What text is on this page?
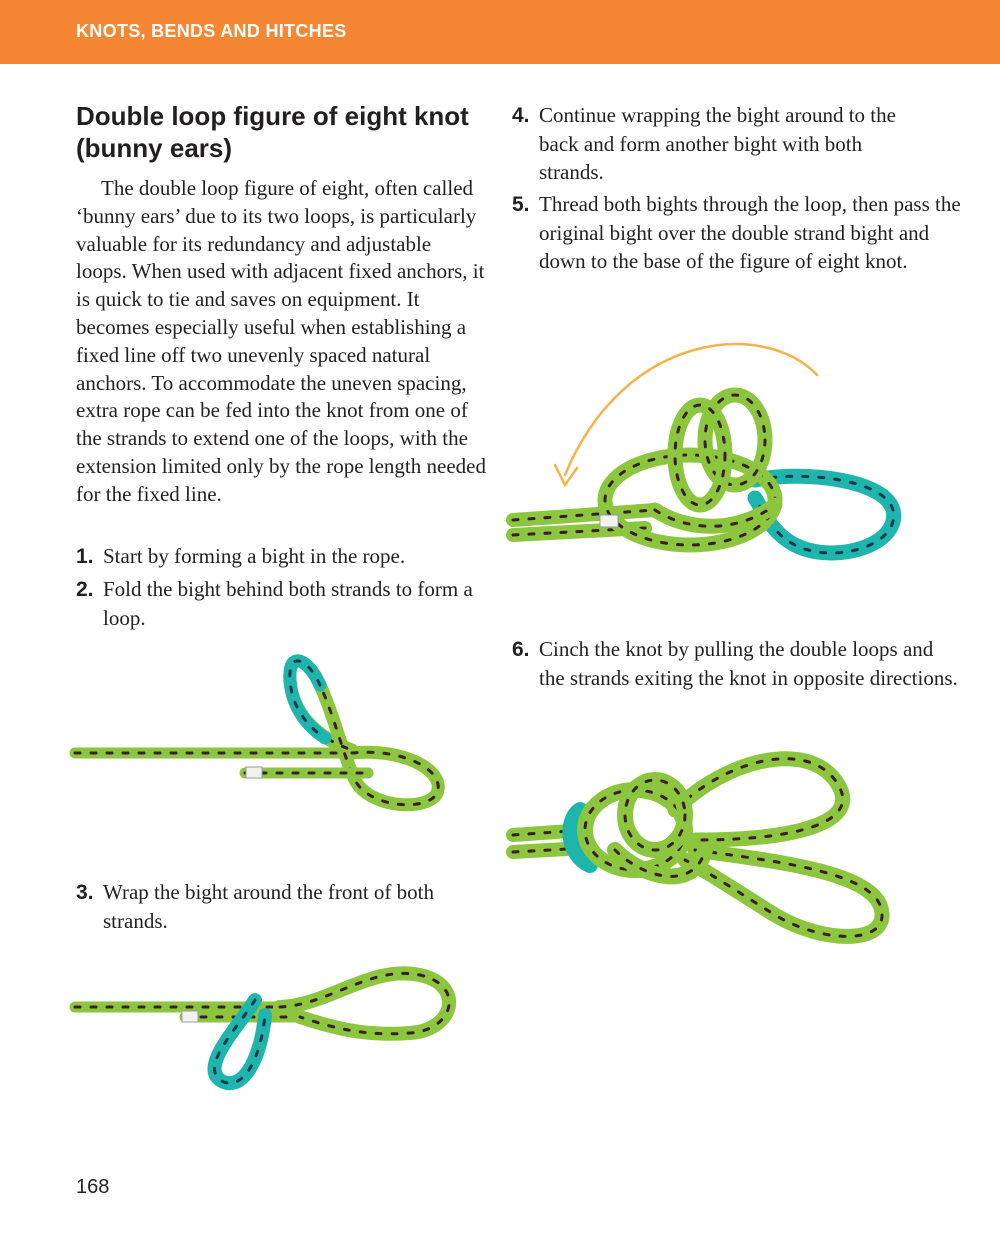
KNOTS, BENDS AND HITCHES
Double loop figure of eight knot (bunny ears)

The double loop figure of eight, often called ‘bunny ears’ due to its two loops, is particularly valuable for its redundancy and adjustable loops. When used with adjacent fixed anchors, it is quick to tie and saves on equipment. It becomes especially useful when establishing a fixed line off two unevenly spaced natural anchors. To accommodate the uneven spacing, extra rope can be fed into the knot from one of the strands to extend one of the loops, with the extension limited only by the rope length needed for the fixed line.

1. Start by forming a bight in the rope.

2. Fold the bight behind both strands to form a loop.

3. Wrap the bight around the front of both strands.

4. Continue wrapping the bight around to the back and form another bight with both strands.

5. Thread both bights through the loop, then pass the original bight over the double strand bight and down to the base of the figure of eight knot.

6. Cinch the knot by pulling the double loops and the strands exiting the knot in opposite directions.

168
